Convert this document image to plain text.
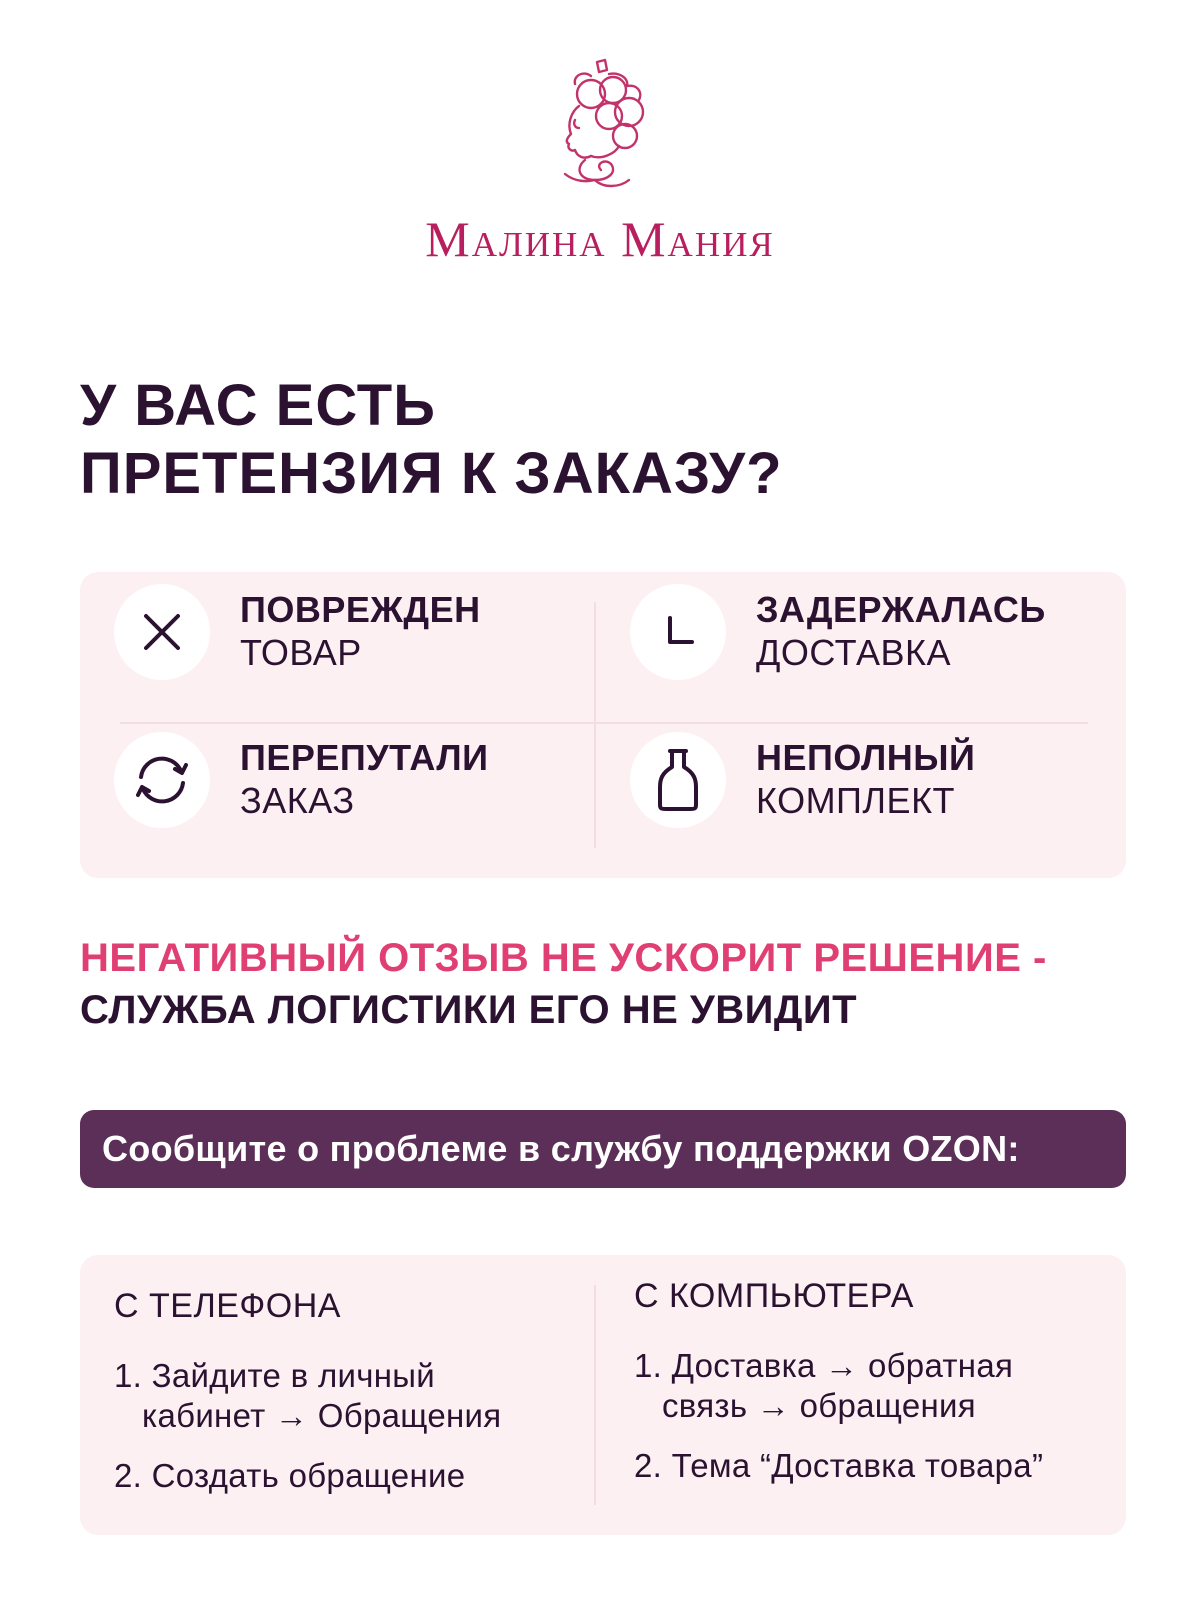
Малина Мания
У ВАС ЕСТЬ
ПРЕТЕНЗИЯ К ЗАКАЗУ?
ПОВРЕЖДЕН
ТОВАР
ЗАДЕРЖАЛАСЬ
ДОСТАВКА
ПЕРЕПУТАЛИ
ЗАКАЗ
НЕПОЛНЫЙ
КОМПЛЕКТ
НЕГАТИВНЫЙ ОТЗЫВ НЕ УСКОРИТ РЕШЕНИЕ -
СЛУЖБА ЛОГИСТИКИ ЕГО НЕ УВИДИТ
Сообщите о проблеме в службу поддержки OZON:
С ТЕЛЕФОНА
1. Зайдите в личный
кабинет → Обращения
2. Создать обращение
С КОМПЬЮТЕРА
1. Доставка → обратная
связь → обращения
2. Тема “Доставка товара”
